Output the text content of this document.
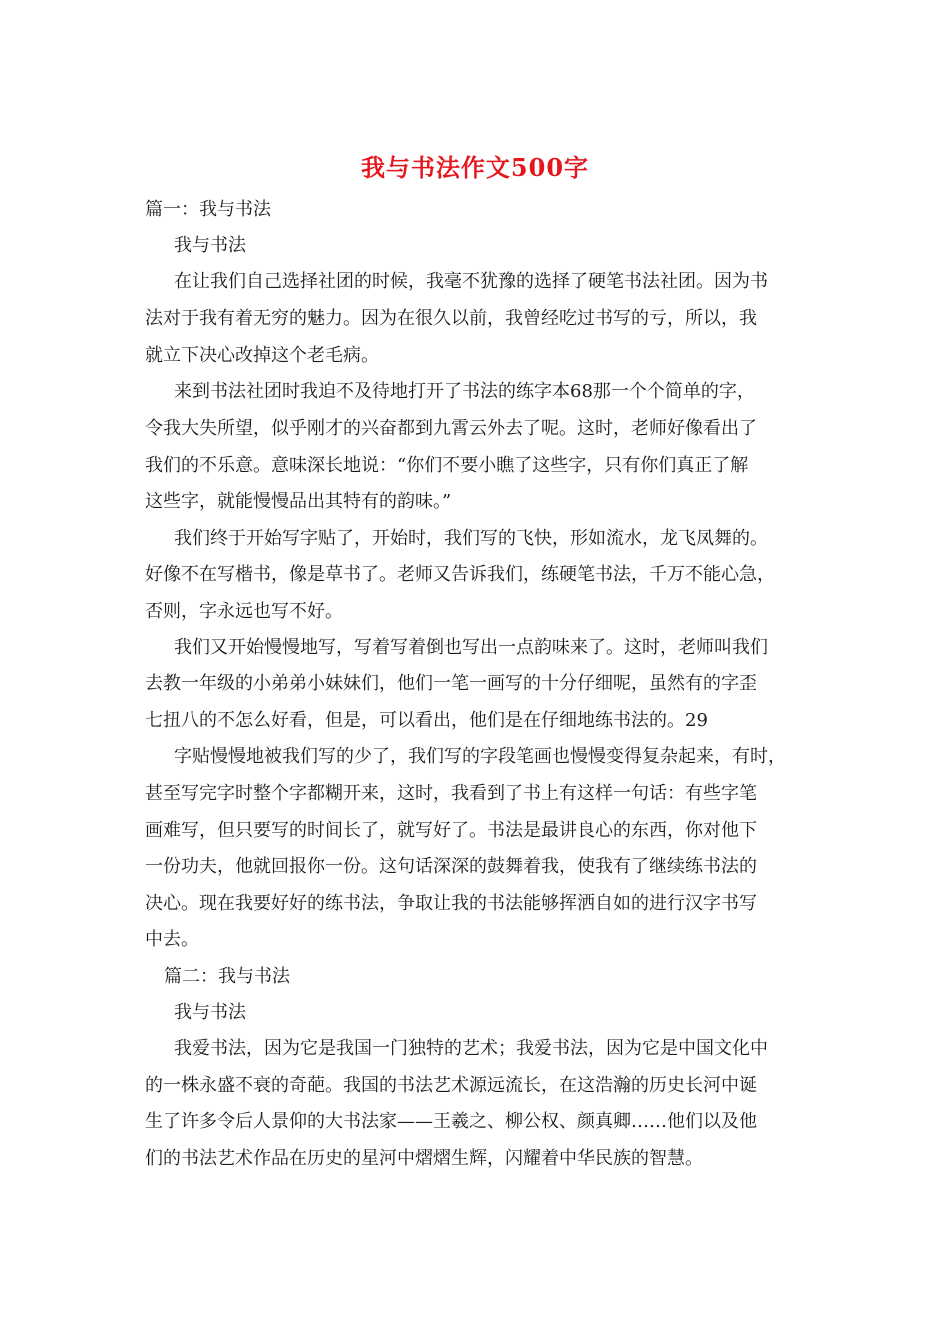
我与书法作文500字
篇一：我与书法
我与书法
在让我们自己选择社团的时候，我毫不犹豫的选择了硬笔书法社团。因为书
法对于我有着无穷的魅力。因为在很久以前，我曾经吃过书写的亏，所以，我
就立下决心改掉这个老毛病。
来到书法社团时我迫不及待地打开了书法的练字本68那一个个简单的字，
令我大失所望，似乎刚才的兴奋都到九霄云外去了呢。这时，老师好像看出了
我们的不乐意。意味深长地说：“你们不要小瞧了这些字，只有你们真正了解
这些字，就能慢慢品出其特有的韵味。”
我们终于开始写字贴了，开始时，我们写的飞快，形如流水，龙飞凤舞的。
好像不在写楷书，像是草书了。老师又告诉我们，练硬笔书法，千万不能心急，
否则，字永远也写不好。
我们又开始慢慢地写，写着写着倒也写出一点韵味来了。这时，老师叫我们
去教一年级的小弟弟小妹妹们，他们一笔一画写的十分仔细呢，虽然有的字歪
七扭八的不怎么好看，但是，可以看出，他们是在仔细地练书法的。29
字贴慢慢地被我们写的少了，我们写的字段笔画也慢慢变得复杂起来，有时，
甚至写完字时整个字都糊开来，这时，我看到了书上有这样一句话：有些字笔
画难写，但只要写的时间长了，就写好了。书法是最讲良心的东西，你对他下
一份功夫，他就回报你一份。这句话深深的鼓舞着我，使我有了继续练书法的
决心。现在我要好好的练书法，争取让我的书法能够挥洒自如的进行汉字书写
中去。
篇二：我与书法
我与书法
我爱书法，因为它是我国一门独特的艺术；我爱书法，因为它是中国文化中
的一株永盛不衰的奇葩。我国的书法艺术源远流长，在这浩瀚的历史长河中诞
生了许多令后人景仰的大书法家——王羲之、柳公权、颜真卿……他们以及他
们的书法艺术作品在历史的星河中熠熠生辉，闪耀着中华民族的智慧。
